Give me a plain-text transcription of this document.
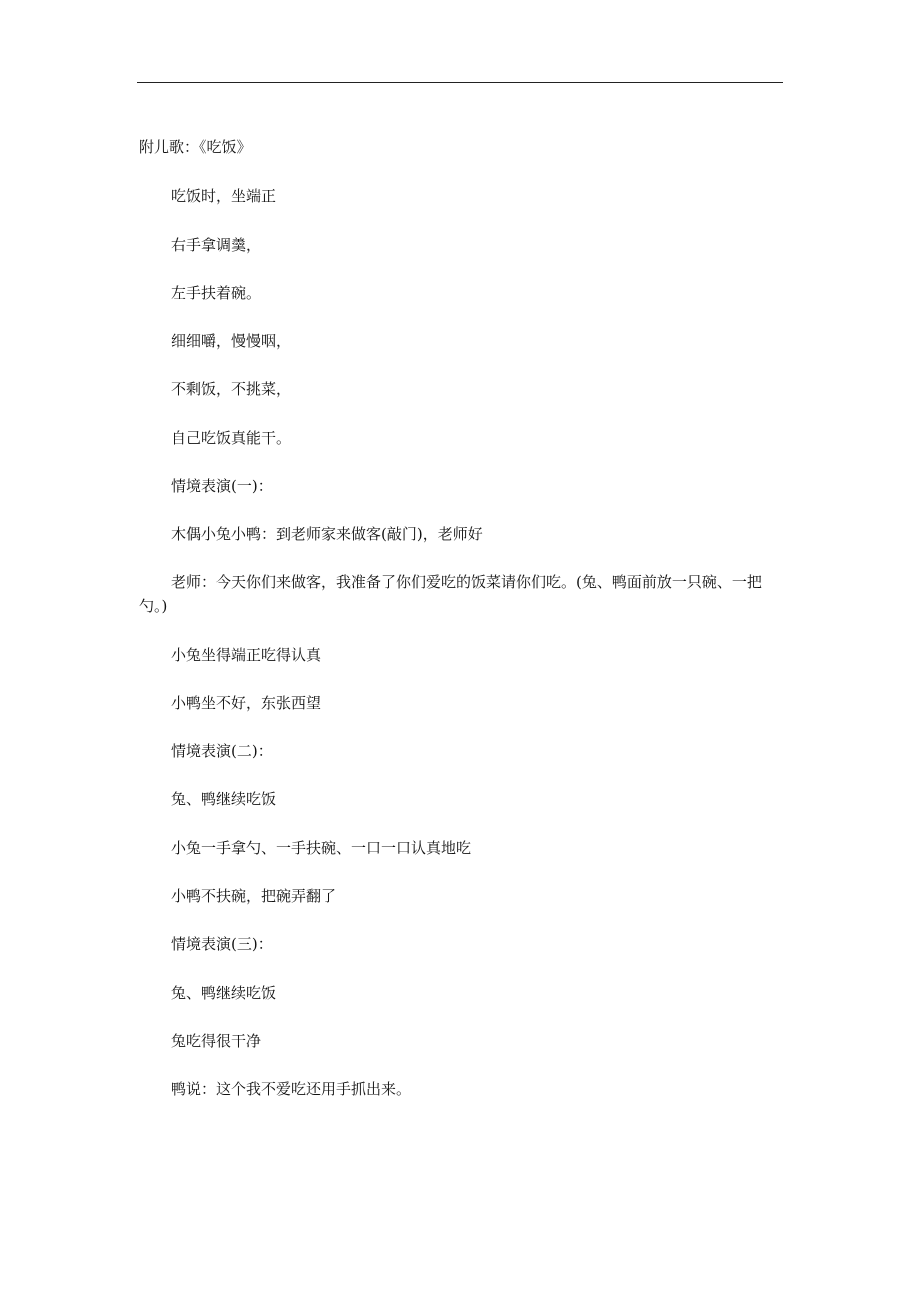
附儿歌：《吃饭》
吃饭时，坐端正
右手拿调羹，
左手扶着碗。
细细嚼，慢慢咽，
不剩饭，不挑菜，
自己吃饭真能干。
情境表演(一)：
木偶小兔小鸭：到老师家来做客(敲门)，老师好
老师：今天你们来做客，我准备了你们爱吃的饭菜请你们吃。(兔、鸭面前放一只碗、一把勺。)
小兔坐得端正吃得认真
小鸭坐不好，东张西望
情境表演(二)：
兔、鸭继续吃饭
小兔一手拿勺、一手扶碗、一口一口认真地吃
小鸭不扶碗，把碗弄翻了
情境表演(三)：
兔、鸭继续吃饭
兔吃得很干净
鸭说：这个我不爱吃还用手抓出来。
